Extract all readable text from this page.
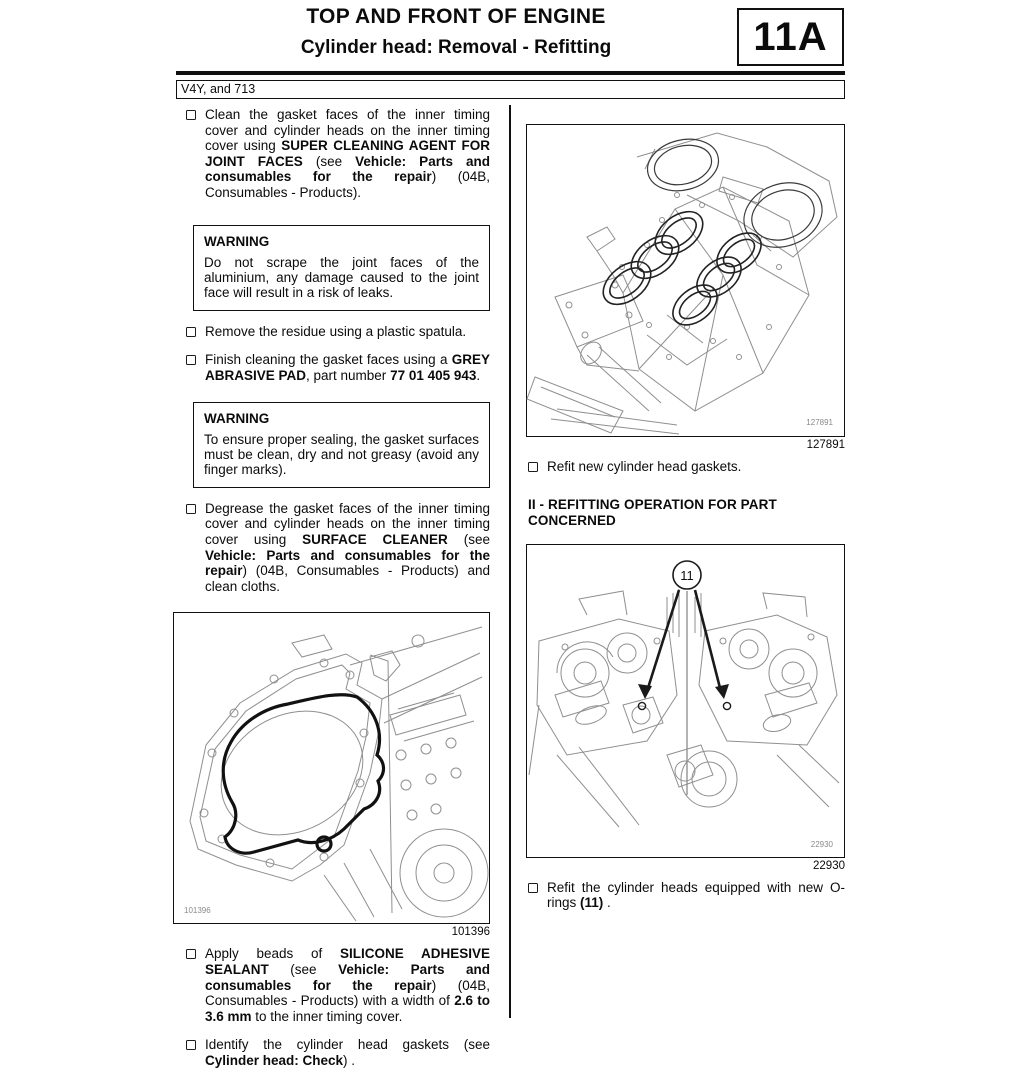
TOP AND FRONT OF ENGINE
Cylinder head: Removal - Refitting	11A
V4Y, and 713
Clean the gasket faces of the inner timing cover and cylinder heads on the inner timing cover using SUPER CLEANING AGENT FOR JOINT FACES (see Vehicle: Parts and consumables for the repair) (04B, Consumables - Products).
WARNING
Do not scrape the joint faces of the aluminium, any damage caused to the joint face will result in a risk of leaks.
Remove the residue using a plastic spatula.
Finish cleaning the gasket faces using a GREY ABRASIVE PAD, part number 77 01 405 943.
WARNING
To ensure proper sealing, the gasket surfaces must be clean, dry and not greasy (avoid any finger marks).
Degrease the gasket faces of the inner timing cover and cylinder heads on the inner timing cover using SURFACE CLEANER (see Vehicle: Parts and consumables for the repair) (04B, Consumables - Products) and clean cloths.
101396
101396
Apply beads of SILICONE ADHESIVE SEALANT (see Vehicle: Parts and consumables for the repair) (04B, Consumables - Products) with a width of 2.6 to 3.6 mm to the inner timing cover.
Identify the cylinder head gaskets (see Cylinder head: Check) .
127891
127891
Refit new cylinder head gaskets.
II - REFITTING OPERATION FOR PART CONCERNED
11
22930
22930
Refit the cylinder heads equipped with new O-rings (11) .
